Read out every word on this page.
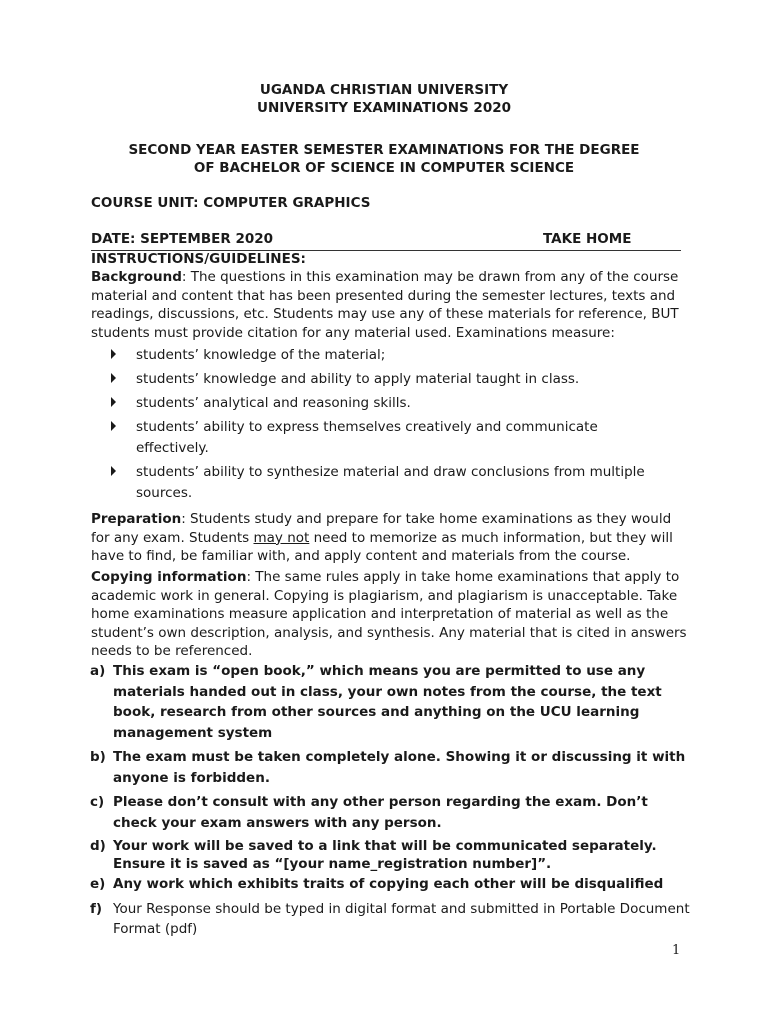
UGANDA CHRISTIAN UNIVERSITY
UNIVERSITY EXAMINATIONS 2020
SECOND YEAR EASTER SEMESTER EXAMINATIONS FOR THE DEGREE
OF BACHELOR OF SCIENCE IN COMPUTER SCIENCE
COURSE UNIT: COMPUTER GRAPHICS
DATE: SEPTEMBER 2020	TAKE HOME
INSTRUCTIONS/GUIDELINES:
Background: The questions in this examination may be drawn from any of the course material and content that has been presented during the semester lectures, texts and readings, discussions, etc. Students may use any of these materials for reference, BUT students must provide citation for any material used. Examinations measure:
students’ knowledge of the material;
students’ knowledge and ability to apply material taught in class.
students’ analytical and reasoning skills.
students’ ability to express themselves creatively and communicate effectively.
students’ ability to synthesize material and draw conclusions from multiple sources.
Preparation: Students study and prepare for take home examinations as they would for any exam. Students may not need to memorize as much information, but they will have to find, be familiar with, and apply content and materials from the course.
Copying information: The same rules apply in take home examinations that apply to academic work in general. Copying is plagiarism, and plagiarism is unacceptable. Take home examinations measure application and interpretation of material as well as the student’s own description, analysis, and synthesis. Any material that is cited in answers needs to be referenced.
a) This exam is “open book,” which means you are permitted to use any materials handed out in class, your own notes from the course, the text book, research from other sources and anything on the UCU learning management system
b) The exam must be taken completely alone. Showing it or discussing it with anyone is forbidden.
c) Please don’t consult with any other person regarding the exam. Don’t check your exam answers with any person.
d) Your work will be saved to a link that will be communicated separately. Ensure it is saved as “[your name_registration number]”.
e) Any work which exhibits traits of copying each other will be disqualified
f) Your Response should be typed in digital format and submitted in Portable Document Format (pdf)
1
